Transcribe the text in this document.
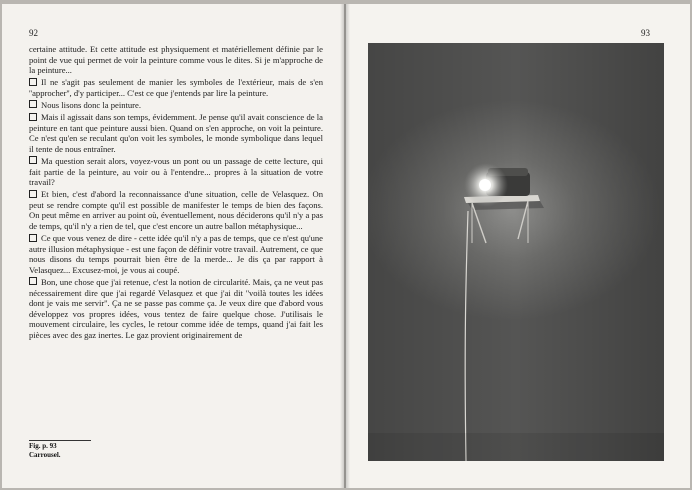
92

certaine attitude. Et cette attitude est physiquement et matériellement définie par le point de vue qui permet de voir la peinture comme vous le dites. Si je m'approche de la peinture...

Il ne s'agit pas seulement de manier les symboles de l'extérieur, mais de s'en ''approcher'', d'y participer... C'est ce que j'entends par lire la peinture.

Nous lisons donc la peinture.

Mais il agissait dans son temps, évidemment. Je pense qu'il avait conscience de la peinture en tant que peinture aussi bien. Quand on s'en approche, on voit la peinture. Ce n'est qu'en se reculant qu'on voit les symboles, le monde symbolique dans lequel il tente de nous entraîner.

Ma question serait alors, voyez-vous un pont ou un passage de cette lecture, qui fait partie de la peinture, au voir ou à l'entendre... propres à la situation de votre travail?

Et bien, c'est d'abord la reconnaissance d'une situation, celle de Velasquez. On peut se rendre compte qu'il est possible de manifester le temps de bien des façons. On peut même en arriver au point où, éventuellement, nous déciderons qu'il n'y a pas de temps, qu'il n'y a rien de tel, que c'est encore un autre ballon métaphysique...

Ce que vous venez de dire - cette idée qu'il n'y a pas de temps, que ce n'est qu'une autre illusion métaphysique - est une façon de définir votre travail. Autrement, ce que nous disons du temps pourrait bien être de la merde... Je dis ça par rapport à Velasquez... Excusez-moi, je vous ai coupé.

Bon, une chose que j'ai retenue, c'est la notion de circularité. Mais, ça ne veut pas nécessairement dire que j'ai regardé Velasquez et que j'ai dit ''voilà toutes les idées dont je vais me servir''. Ça ne se passe pas comme ça. Je veux dire que d'abord vous développez vos propres idées, vous tentez de faire quelque chose. J'utilisais le mouvement circulaire, les cycles, le retour comme idée de temps, quand j'ai fait les pièces avec des gaz inertes. Le gaz provient originairement de

Fig. p. 93
Carrousel.
93
